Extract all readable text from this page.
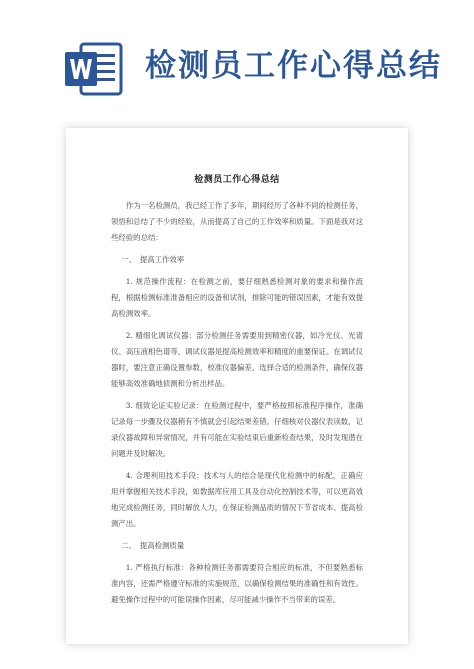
检测员工作心得总结
检测员工作心得总结

作为一名检测员，我已经工作了多年，期间经历了各种不同的检测任务，领悟和总结了不少的经验，从而提高了自己的工作效率和质量。下面是我对这些经验的总结：

一、　提高工作效率

1. 规范操作流程：在检测之前，要仔细熟悉检测对象的要求和操作流程，根据检测标准准备相应的设备和试剂，排除可能的错误因素，才能有效提高检测效率。

2. 精细化调试仪器：部分检测任务需要用到精密仪器，如冷光仪、光谱仪、高压液相色谱等，调试仪器是提高检测效率和精度的重要保证。在调试仪器时，要注意正确设置参数，校准仪器偏差，选择合适的检测条件，确保仪器能够高效准确地侦测和分析出样品。

3. 细致论证实验记录：在检测过程中，要严格按照标准程序操作，准确记录每一步骤及仪器稍有不慎就会引起结果差错。仔细核对仪器仪表读数，记录仪器故障和异常情况，并有可能在实验结束后重新检查结果，及时发现潜在问题并及时解决。

4. 合理利用技术手段：技术与人的结合是现代化检测中的标配，正确应用并掌握相关技术手段，如数据库应用工具及自动化控制技术等，可以更高效地完成检测任务，同时解放人力，在保证检测品质的情况下节省成本、提高检测产出。

二、　提高检测质量

1. 严格执行标准：各种检测任务都需要符合相应的标准，不但要熟悉标准内容，还需严格遵守标准的实施规范，以确保检测结果的准确性和有效性。避免操作过程中的可能误操作因素，尽可能减少操作不当带来的误差。
